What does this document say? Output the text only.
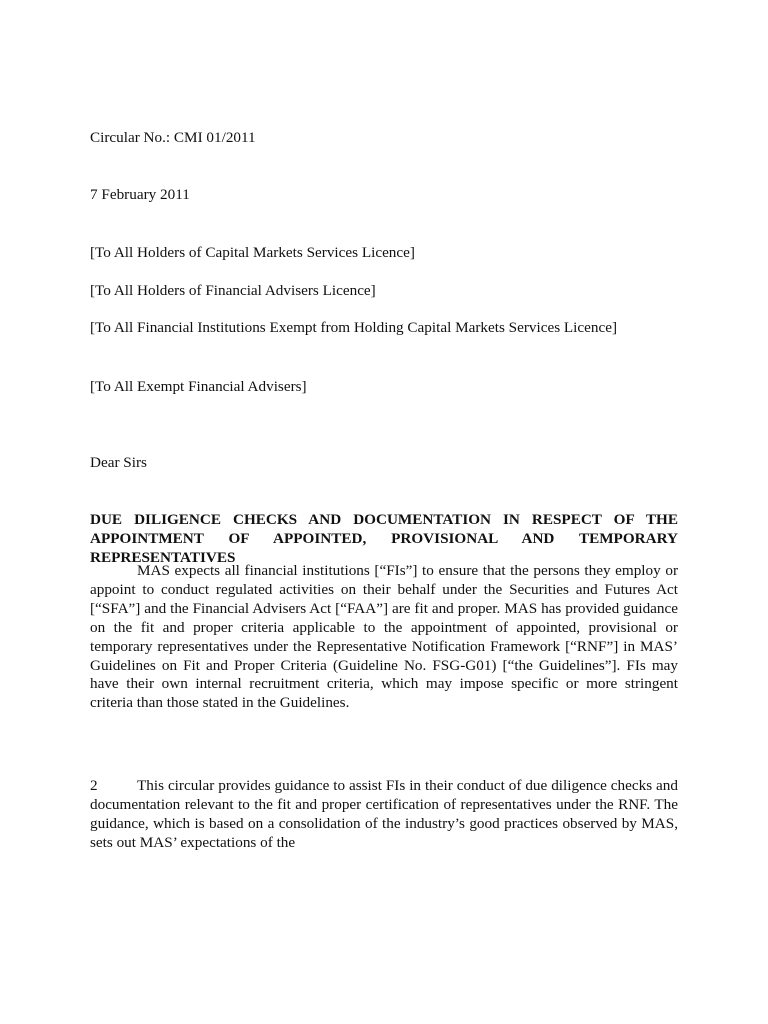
Circular No.: CMI 01/2011
7 February 2011
[To All Holders of Capital Markets Services Licence]
[To All Holders of Financial Advisers Licence]
[To All Financial Institutions Exempt from Holding Capital Markets Services Licence]
[To All Exempt Financial Advisers]
Dear Sirs
DUE DILIGENCE CHECKS AND DOCUMENTATION IN RESPECT OF THE APPOINTMENT OF APPOINTED, PROVISIONAL AND TEMPORARY REPRESENTATIVES
MAS expects all financial institutions [“FIs”] to ensure that the persons they employ or appoint to conduct regulated activities on their behalf under the Securities and Futures Act [“SFA”] and the Financial Advisers Act [“FAA”] are fit and proper. MAS has provided guidance on the fit and proper criteria applicable to the appointment of appointed, provisional or temporary representatives under the Representative Notification Framework [“RNF”] in MAS’ Guidelines on Fit and Proper Criteria (Guideline No. FSG-G01) [“the Guidelines”]. FIs may have their own internal recruitment criteria, which may impose specific or more stringent criteria than those stated in the Guidelines.
2	This circular provides guidance to assist FIs in their conduct of due diligence checks and documentation relevant to the fit and proper certification of representatives under the RNF. The guidance, which is based on a consolidation of the industry’s good practices observed by MAS, sets out MAS’ expectations of the
